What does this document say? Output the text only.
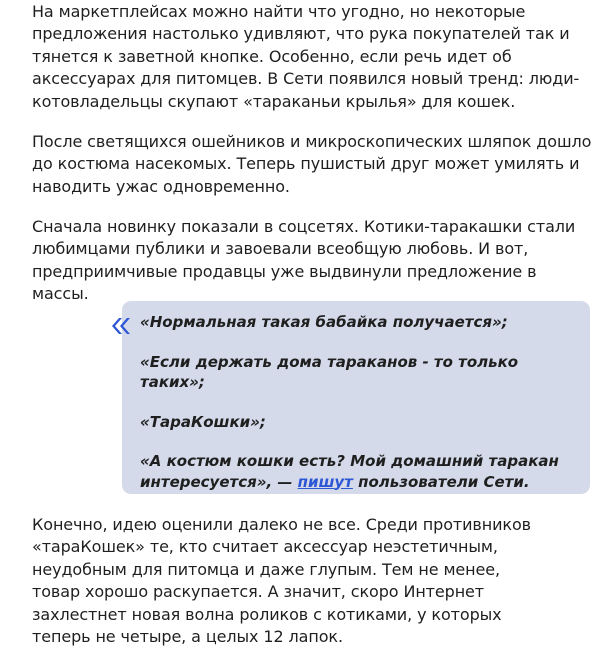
На маркетплейсах можно найти что угодно, но некоторые предложения настолько удивляют, что рука покупателей так и тянется к заветной кнопке. Особенно, если речь идет об аксессуарах для питомцев. В Сети появился новый тренд: люди-котовладельцы скупают «тараканьи крылья» для кошек.

После светящихся ошейников и микроскопических шляпок дошло до костюма насекомых. Теперь пушистый друг может умилять и наводить ужас одновременно.

Сначала новинку показали в соцсетях. Котики-таракашки стали любимцами публики и завоевали всеобщую любовь. И вот, предприимчивые продавцы уже выдвинули предложение в массы.

Конечно, идею оценили далеко не все. Среди противников «тараКошек» те, кто считает аксессуар неэстетичным, неудобным для питомца и даже глупым. Тем не менее, товар хорошо раскупается. А значит, скоро Интернет захлестнет новая волна роликов с котиками, у которых теперь не четыре, а целых 12 лапок.

«Нормальная такая бабайка получается»;

«Если держать дома тараканов - то только таких»;

«ТараКошки»;

«А костюм кошки есть? Мой домашний таракан интересуется», — пишут пользователи Сети.
